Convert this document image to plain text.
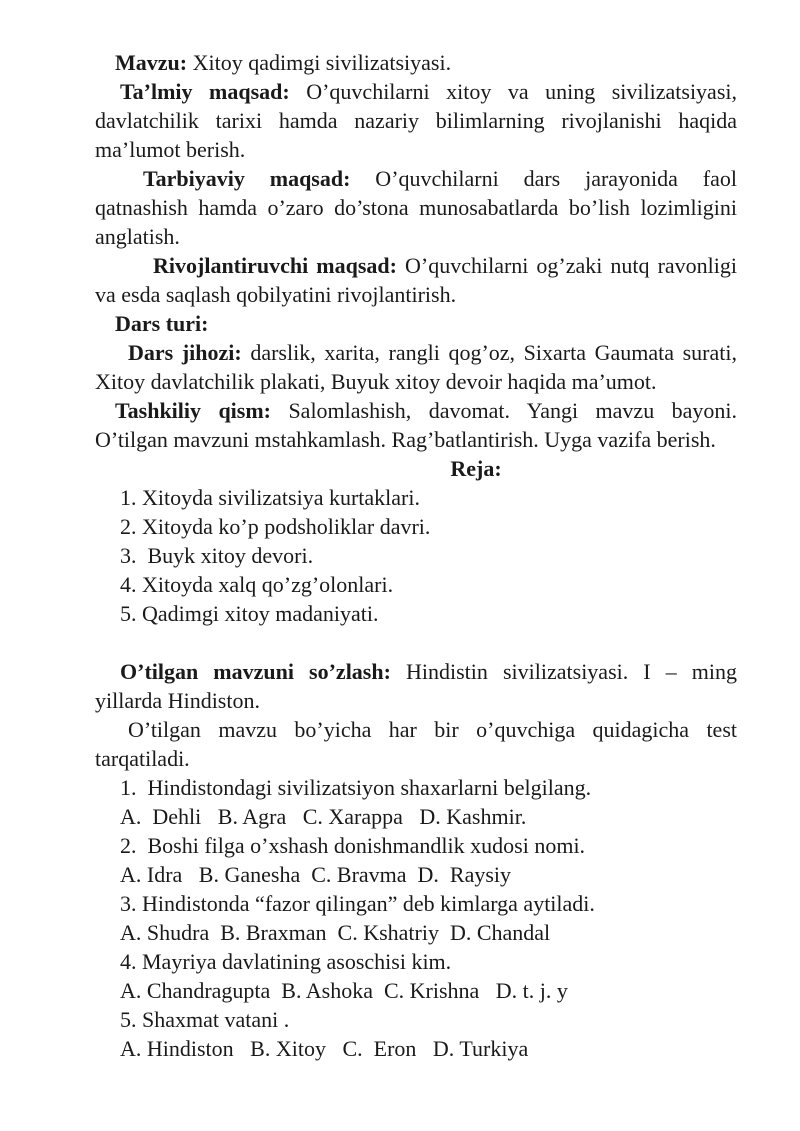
Mavzu: Xitoy qadimgi sivilizatsiyasi.

Ta’lmiy maqsad: O’quvchilarni xitoy va uning sivilizatsiyasi, davlatchilik tarixi hamda nazariy bilimlarning rivojlanishi haqida ma’lumot berish.

Tarbiyaviy maqsad: O’quvchilarni dars jarayonida faol qatnashish hamda o’zaro do’stona munosabatlarda bo’lish lozimligini anglatish.

Rivojlantiruvchi maqsad: O’quvchilarni og’zaki nutq ravonligi va esda saqlash qobilyatini rivojlantirish.

Dars turi:

Dars jihozi: darslik, xarita, rangli qog’oz, Sixarta Gaumata surati, Xitoy davlatchilik plakati, Buyuk xitoy devoir haqida ma’umot.

Tashkiliy qism: Salomlashish, davomat. Yangi mavzu bayoni. O’tilgan mavzuni mstahkamlash. Rag’batlantirish. Uyga vazifa berish.

Reja:

1. Xitoyda sivilizatsiya kurtaklari.

2. Xitoyda ko’p podsholiklar davri.

3.  Buyk xitoy devori.

4. Xitoyda xalq qo’zg’olonlari.

5. Qadimgi xitoy madaniyati.

O’tilgan mavzuni so’zlash: Hindistin sivilizatsiyasi. I – ming yillarda Hindiston.

O’tilgan mavzu bo’yicha har bir o’quvchiga quidagicha test tarqatiladi.

1.  Hindistondagi sivilizatsiyon shaxarlarni belgilang.

A.  Dehli   B. Agra   C. Xarappa   D. Kashmir.

2.  Boshi filga o’xshash donishmandlik xudosi nomi.

A. Idra   B. Ganesha  C. Bravma  D.  Raysiy

3. Hindistonda “fazor qilingan” deb kimlarga aytiladi.

A. Shudra  B. Braxman  C. Kshatriy  D. Chandal

4. Mayriya davlatining asoschisi kim.

A. Chandragupta  B. Ashoka  C. Krishna   D. t. j. y

5. Shaxmat vatani .

A. Hindiston   B. Xitoy   C.  Eron   D. Turkiya
